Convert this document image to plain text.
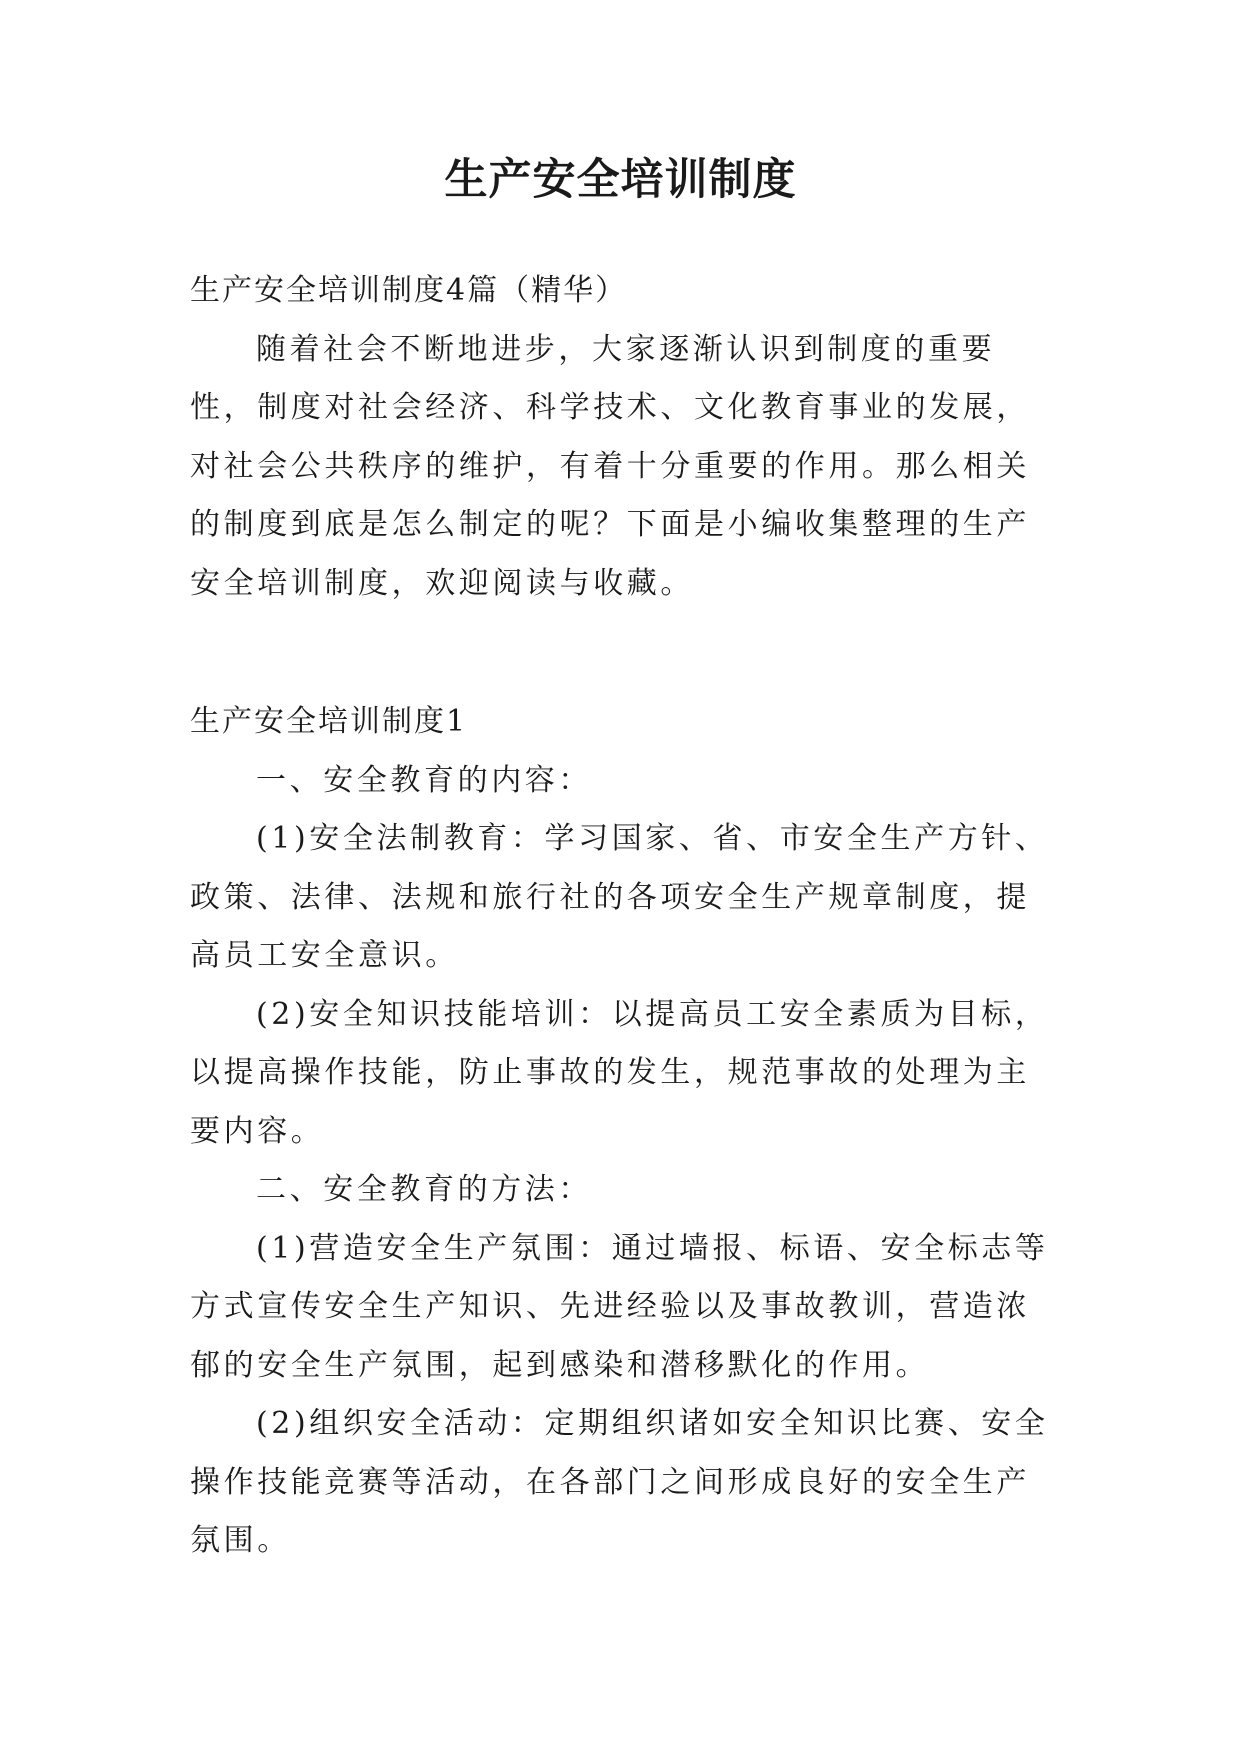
生产安全培训制度

生产安全培训制度4篇（精华）

随着社会不断地进步，大家逐渐认识到制度的重要性，制度对社会经济、科学技术、文化教育事业的发展，对社会公共秩序的维护，有着十分重要的作用。那么相关的制度到底是怎么制定的呢？下面是小编收集整理的生产安全培训制度，欢迎阅读与收藏。

生产安全培训制度1

一、安全教育的内容：

(1)安全法制教育：学习国家、省、市安全生产方针、政策、法律、法规和旅行社的各项安全生产规章制度，提高员工安全意识。

(2)安全知识技能培训：以提高员工安全素质为目标，以提高操作技能，防止事故的发生，规范事故的处理为主要内容。

二、安全教育的方法：

(1)营造安全生产氛围：通过墙报、标语、安全标志等方式宣传安全生产知识、先进经验以及事故教训，营造浓郁的安全生产氛围，起到感染和潜移默化的作用。

(2)组织安全活动：定期组织诸如安全知识比赛、安全操作技能竞赛等活动，在各部门之间形成良好的安全生产氛围。
